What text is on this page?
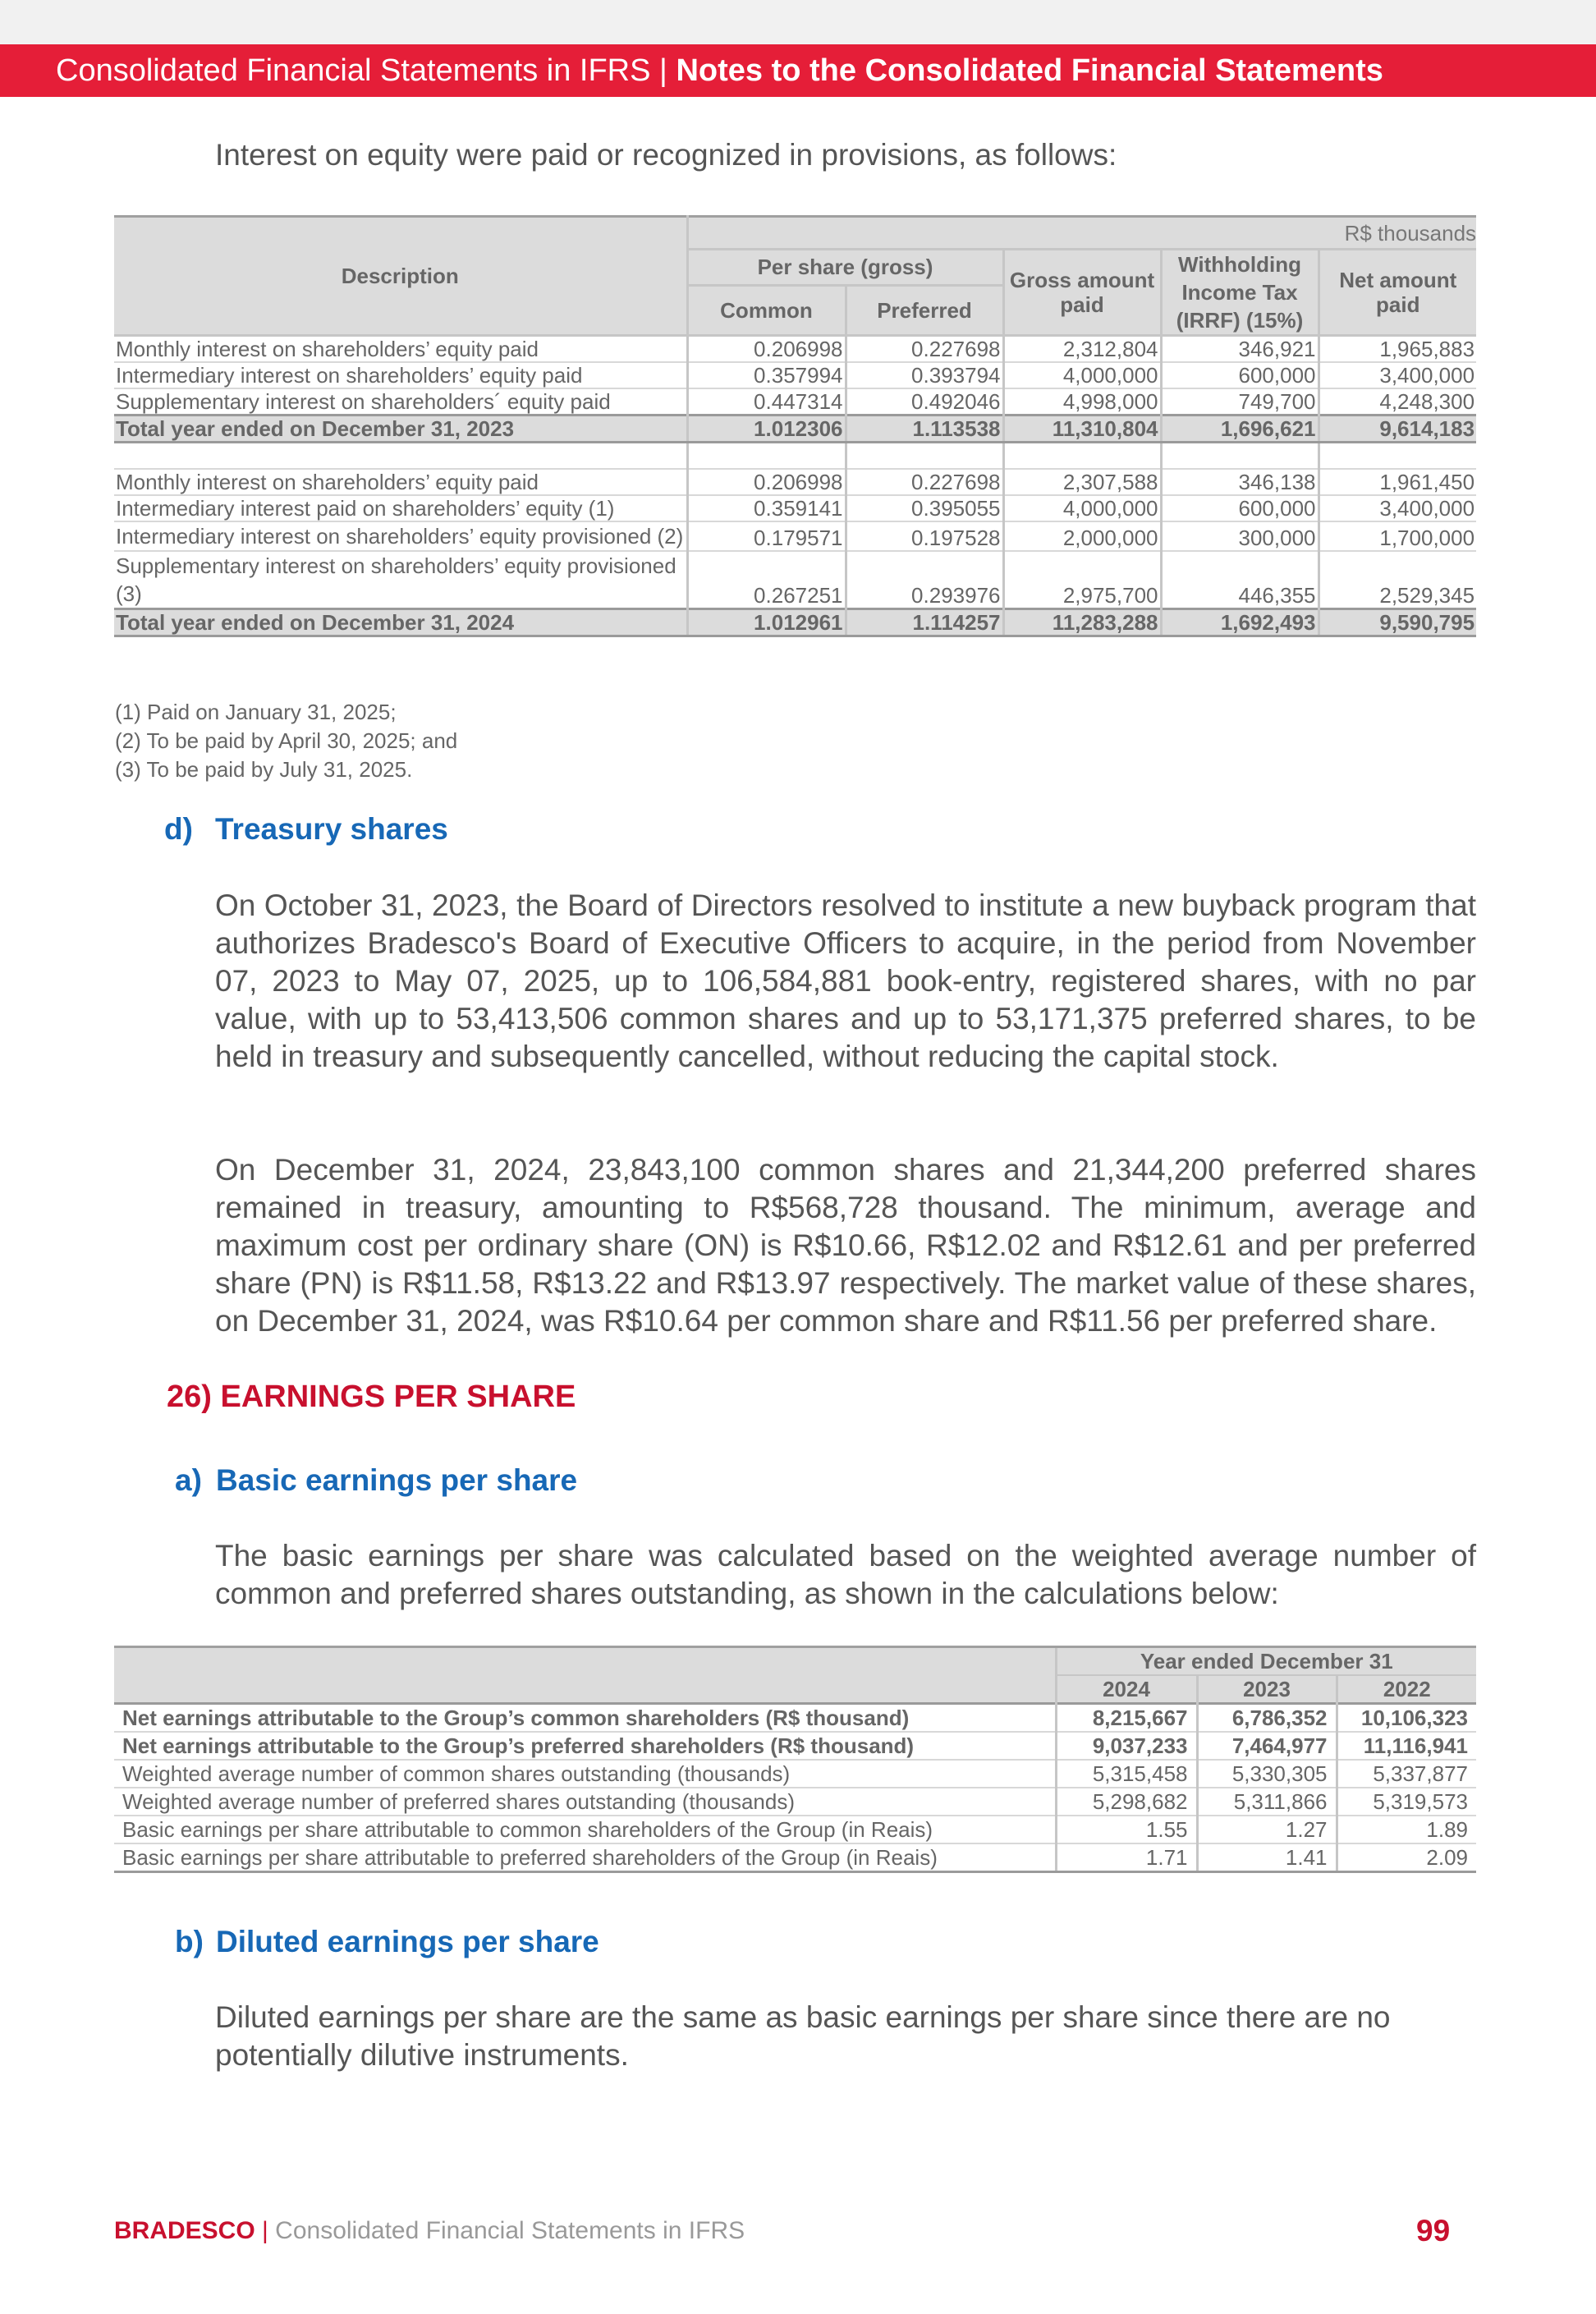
Consolidated Financial Statements in IFRS | Notes to the Consolidated Financial Statements
Interest on equity were paid or recognized in provisions, as follows:
Description	R$ thousands				
	Per share (gross)		Gross amount paid	Withholding Income Tax (IRRF) (15%)	Net amount paid
	Common	Preferred			
Monthly interest on shareholders’ equity paid	0.206998	0.227698	2,312,804	346,921	1,965,883
Intermediary interest on shareholders’ equity paid	0.357994	0.393794	4,000,000	600,000	3,400,000
Supplementary interest on shareholders´ equity paid	0.447314	0.492046	4,998,000	749,700	4,248,300
Total year ended on December 31, 2023	1.012306	1.113538	11,310,804	1,696,621	9,614,183

Monthly interest on shareholders’ equity paid	0.206998	0.227698	2,307,588	346,138	1,961,450
Intermediary interest paid on shareholders’ equity (1)	0.359141	0.395055	4,000,000	600,000	3,400,000
Intermediary interest on shareholders’ equity provisioned (2)	0.179571	0.197528	2,000,000	300,000	1,700,000
Supplementary interest on shareholders’ equity provisioned (3)	0.267251	0.293976	2,975,700	446,355	2,529,345
Total year ended on December 31, 2024	1.012961	1.114257	11,283,288	1,692,493	9,590,795
(1) Paid on January 31, 2025;
(2) To be paid by April 30, 2025; and
(3) To be paid by July 31, 2025.
d) Treasury shares
On October 31, 2023, the Board of Directors resolved to institute a new buyback program that authorizes Bradesco's Board of Executive Officers to acquire, in the period from November 07, 2023 to May 07, 2025, up to 106,584,881 book-entry, registered shares, with no par value, with up to 53,413,506 common shares and up to 53,171,375 preferred shares, to be held in treasury and subsequently cancelled, without reducing the capital stock.
On December 31, 2024, 23,843,100 common shares and 21,344,200 preferred shares remained in treasury, amounting to R$568,728 thousand. The minimum, average and maximum cost per ordinary share (ON) is R$10.66, R$12.02 and R$12.61 and per preferred share (PN) is R$11.58, R$13.22 and R$13.97 respectively. The market value of these shares, on December 31, 2024, was R$10.64 per common share and R$11.56 per preferred share.
26) EARNINGS PER SHARE
a) Basic earnings per share
The basic earnings per share was calculated based on the weighted average number of common and preferred shares outstanding, as shown in the calculations below:
	Year ended December 31		
	2024	2023	2022
Net earnings attributable to the Group’s common shareholders (R$ thousand)	8,215,667	6,786,352	10,106,323
Net earnings attributable to the Group’s preferred shareholders (R$ thousand)	9,037,233	7,464,977	11,116,941
Weighted average number of common shares outstanding (thousands)	5,315,458	5,330,305	5,337,877
Weighted average number of preferred shares outstanding (thousands)	5,298,682	5,311,866	5,319,573
Basic earnings per share attributable to common shareholders of the Group (in Reais)	1.55	1.27	1.89
Basic earnings per share attributable to preferred shareholders of the Group (in Reais)	1.71	1.41	2.09
b) Diluted earnings per share
Diluted earnings per share are the same as basic earnings per share since there are no potentially dilutive instruments.
BRADESCO | Consolidated Financial Statements in IFRS	99
